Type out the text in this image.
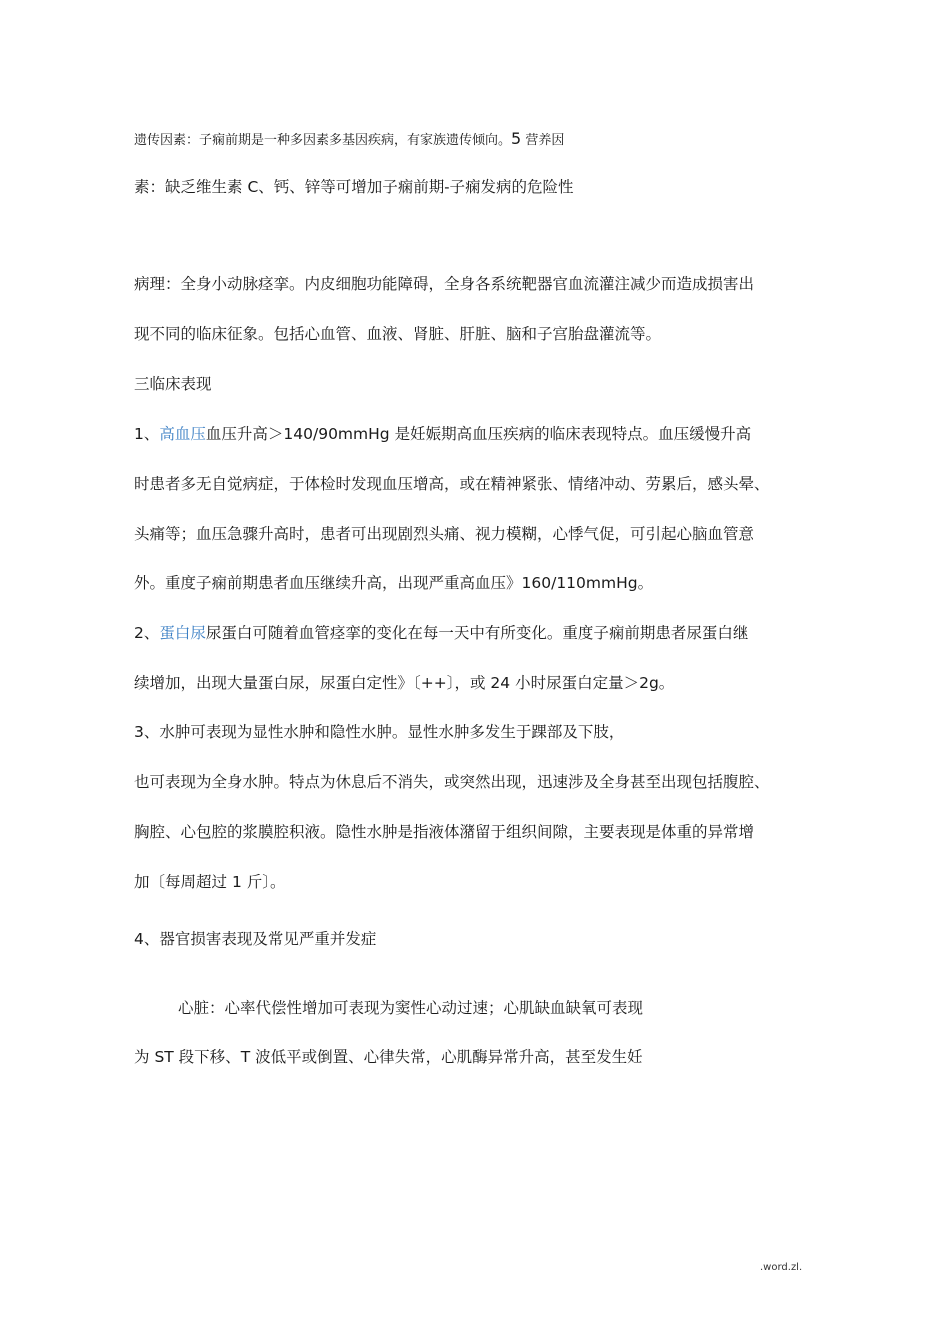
遗传因素：子痫前期是一种多因素多基因疾病，有家族遗传倾向。5 营养因
素：缺乏维生素 C、钙、锌等可增加子痫前期-子痫发病的危险性
病理：全身小动脉痉挛。内皮细胞功能障碍，全身各系统靶器官血流灌注减少而造成损害出
现不同的临床征象。包括心血管、血液、肾脏、肝脏、脑和子宫胎盘灌流等。
三临床表现
1、高血压血压升高＞140/90mmHg 是妊娠期高血压疾病的临床表现特点。血压缓慢升高
时患者多无自觉病症，于体检时发现血压增高，或在精神紧张、情绪冲动、劳累后，感头晕、
头痛等；血压急骤升高时，患者可出现剧烈头痛、视力模糊，心悸气促，可引起心脑血管意
外。重度子痫前期患者血压继续升高，出现严重高血压》160/110mmHg。
2、蛋白尿尿蛋白可随着血管痉挛的变化在每一天中有所变化。重度子痫前期患者尿蛋白继
续增加，出现大量蛋白尿，尿蛋白定性》〔++〕，或 24 小时尿蛋白定量＞2g。
3、水肿可表现为显性水肿和隐性水肿。显性水肿多发生于踝部及下肢，
也可表现为全身水肿。特点为休息后不消失，或突然出现，迅速涉及全身甚至出现包括腹腔、
胸腔、心包腔的浆膜腔积液。隐性水肿是指液体潴留于组织间隙，主要表现是体重的异常增
加〔每周超过 1 斤〕。
4、器官损害表现及常见严重并发症
心脏：心率代偿性增加可表现为窦性心动过速；心肌缺血缺氧可表现
为 ST 段下移、T 波低平或倒置、心律失常，心肌酶异常升高，甚至发生妊
.word.zl.
